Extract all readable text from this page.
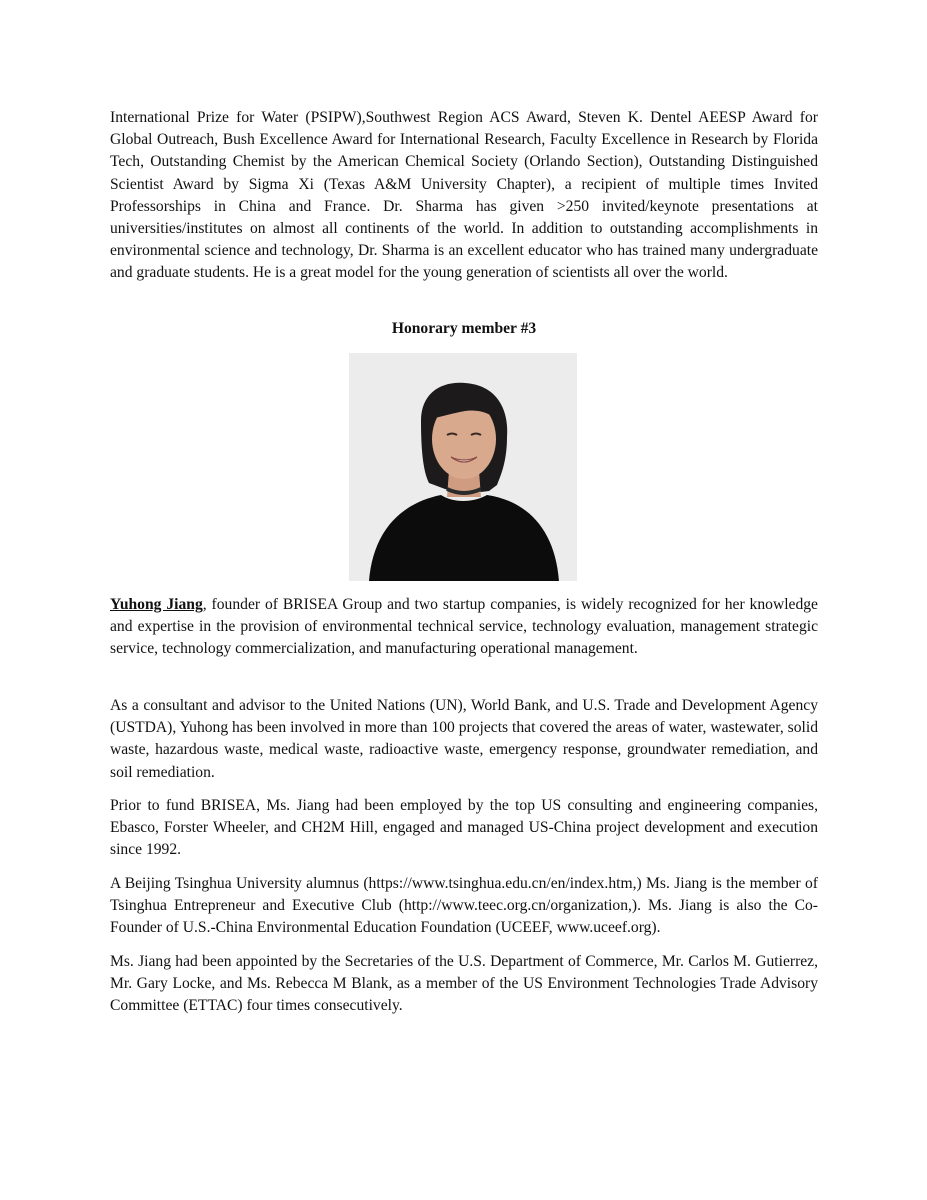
International Prize for Water (PSIPW),Southwest Region ACS Award, Steven K. Dentel AEESP Award for Global Outreach, Bush Excellence Award for International Research, Faculty Excellence in Research by Florida Tech, Outstanding Chemist by the American Chemical Society (Orlando Section), Outstanding Distinguished Scientist Award by Sigma Xi (Texas A&M University Chapter), a recipient of multiple times Invited Professorships in China and France. Dr. Sharma has given >250 invited/keynote presentations at universities/institutes on almost all continents of the world. In addition to outstanding accomplishments in environmental science and technology, Dr. Sharma is an excellent educator who has trained many undergraduate and graduate students. He is a great model for the young generation of scientists all over the world.

Honorary member #3

Yuhong Jiang, founder of BRISEA Group and two startup companies, is widely recognized for her knowledge and expertise in the provision of environmental technical service, technology evaluation, management strategic service, technology commercialization, and manufacturing operational management.

As a consultant and advisor to the United Nations (UN), World Bank, and U.S. Trade and Development Agency (USTDA), Yuhong has been involved in more than 100 projects that covered the areas of water, wastewater, solid waste, hazardous waste, medical waste, radioactive waste, emergency response, groundwater remediation, and soil remediation.

Prior to fund BRISEA, Ms. Jiang had been employed by the top US consulting and engineering companies, Ebasco, Forster Wheeler, and CH2M Hill, engaged and managed US-China project development and execution since 1992.

A Beijing Tsinghua University alumnus (https://www.tsinghua.edu.cn/en/index.htm,) Ms. Jiang is the member of Tsinghua Entrepreneur and Executive Club (http://www.teec.org.cn/organization,). Ms. Jiang is also the Co-Founder of U.S.-China Environmental Education Foundation (UCEEF, www.uceef.org).

Ms. Jiang had been appointed by the Secretaries of the U.S. Department of Commerce, Mr. Carlos M. Gutierrez, Mr. Gary Locke, and Ms. Rebecca M Blank, as a member of the US Environment Technologies Trade Advisory Committee (ETTAC) four times consecutively.
